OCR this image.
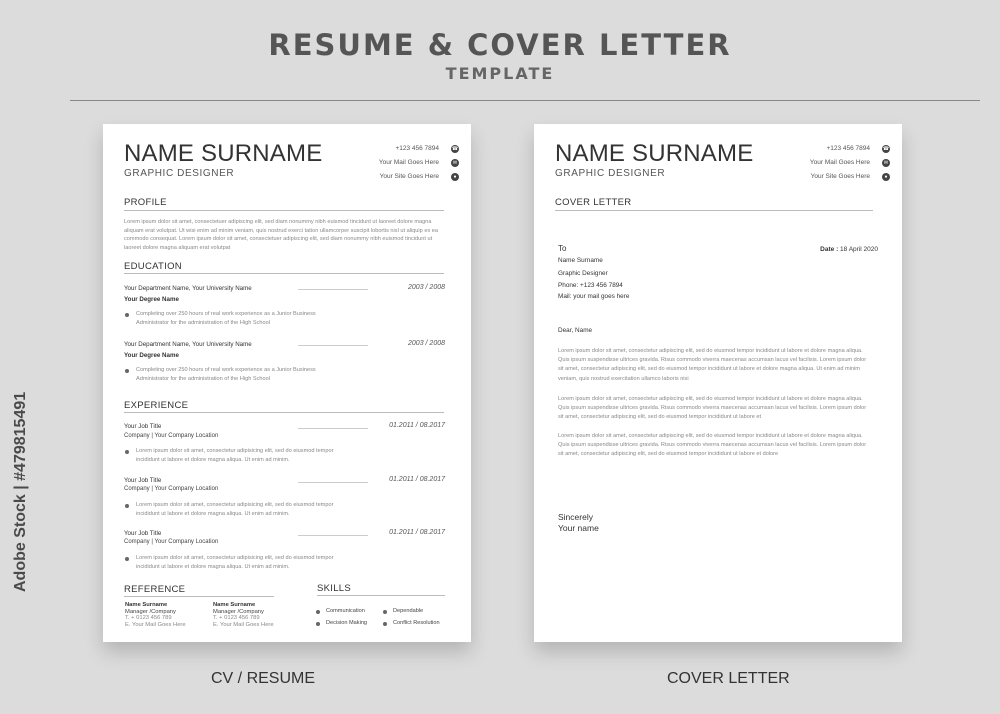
RESUME & COVER LETTER
TEMPLATE
Adobe Stock | #479815491
NAME SURNAME
GRAPHIC DESIGNER
+123 456 7894	☎
Your Mail Goes Here	✉
Your Site Goes Here	●
PROFILE
Lorem ipsum dolor sit amet, consectetuer adipiscing elit, sed diam nonummy nibh euismod tincidunt ut laoreet dolore magna aliquam erat volutpat. Ut wisi enim ad minim veniam, quis nostrud exerci tation ullamcorper suscipit lobortis nisl ut aliquip ex ea commodo consequat. Lorem ipsum dolor sit amet, consectetuer adipiscing elit, sed diam nonummy nibh euismod tincidunt ut laoreet dolore magna aliquam erat volutpat
EDUCATION
Your Department Name, Your University Name	2003 / 2008
Your Degree Name
Completing over 250 hours of real work experience as a Junior Business Administrator for the administration of the High School
Your Department Name, Your University Name	2003 / 2008
Your Degree Name
Completing over 250 hours of real work experience as a Junior Business Administrator for the administration of the High School
EXPERIENCE
Your Job Title	01.2011 / 08.2017
Company | Your Company Location
Lorem ipsum dolor sit amet, consectetur adipisicing elit, sed do eiusmod tempor incididunt ut labore et dolore magna aliqua. Ut enim ad minim.
Your Job Title	01.2011 / 08.2017
Company | Your Company Location
Lorem ipsum dolor sit amet, consectetur adipisicing elit, sed do eiusmod tempor incididunt ut labore et dolore magna aliqua. Ut enim ad minim.
Your Job Title	01.2011 / 08.2017
Company | Your Company Location
Lorem ipsum dolor sit amet, consectetur adipisicing elit, sed do eiusmod tempor incididunt ut labore et dolore magna aliqua. Ut enim ad minim.
REFERENCE
Name Surname
Manager /Company
T. + 0123 456 789
E. Your Mail Goes Here
Name Surname
Manager /Company
T. + 0123 456 789
E. Your Mail Goes Here
SKILLS
Communication	Dependable
Decision Making	Conflict Resolution
NAME SURNAME
GRAPHIC DESIGNER
+123 456 7894	☎
Your Mail Goes Here	✉
Your Site Goes Here	●
COVER LETTER
To
Name Surname
Graphic Designer
Phone: +123 456 7894
Mail: your mail goes here
Date : 18 April 2020
Dear, Name
Lorem ipsum dolor sit amet, consectetur adipiscing elit, sed do eiusmod tempor incididunt ut labore et dolore magna aliqua. Quis ipsum suspendisse ultrices gravida. Risus commodo viverra maecenas accumsan lacus vel facilisis. Lorem ipsum dolor sit amet, consectetur adipiscing elit, sed do eiusmod tempor incididunt ut labore et dolore magna aliqua. Ut enim ad minim veniam, quis nostrud exercitation ullamco laboris nisi
Lorem ipsum dolor sit amet, consectetur adipiscing elit, sed do eiusmod tempor incididunt ut labore et dolore magna aliqua. Quis ipsum suspendisse ultrices gravida. Risus commodo viverra maecenas accumsan lacus vel facilisis. Lorem ipsum dolor sit amet, consectetur adipiscing elit, sed do eiusmod tempor incididunt ut labore et
Lorem ipsum dolor sit amet, consectetur adipiscing elit, sed do eiusmod tempor incididunt ut labore et dolore magna aliqua. Quis ipsum suspendisse ultrices gravida. Risus commodo viverra maecenas accumsan lacus vel facilisis. Lorem ipsum dolor sit amet, consectetur adipiscing elit, sed do eiusmod tempor incididunt ut labore et dolore
Sincerely
Your name
CV / RESUME	COVER LETTER
